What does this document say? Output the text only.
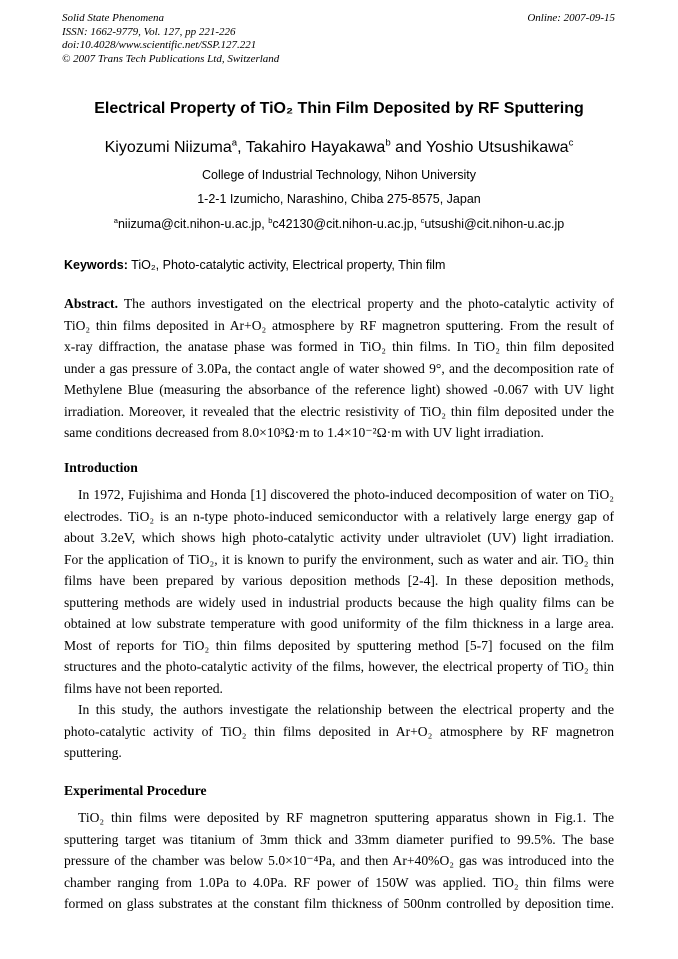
Solid State Phenomena
ISSN: 1662-9779, Vol. 127, pp 221-226
doi:10.4028/www.scientific.net/SSP.127.221
© 2007 Trans Tech Publications Ltd, Switzerland
Online: 2007-09-15
Electrical Property of TiO₂ Thin Film Deposited by RF Sputtering
Kiyozumi Niizuma$^a$, Takahiro Hayakawa$^b$ and Yoshio Utsushikawa$^c$
College of Industrial Technology, Nihon University
1-2-1 Izumicho, Narashino, Chiba 275-8575, Japan
$^a$niizuma@cit.nihon-u.ac.jp, $^b$c42130@cit.nihon-u.ac.jp, $^c$utsushi@cit.nihon-u.ac.jp
Keywords: TiO₂, Photo-catalytic activity, Electrical property, Thin film
Abstract. The authors investigated on the electrical property and the photo-catalytic activity of
TiO₂ thin films deposited in Ar+O₂ atmosphere by RF magnetron sputtering. From the result of
x-ray diffraction, the anatase phase was formed in TiO₂ thin films. In TiO₂ thin film deposited
under a gas pressure of 3.0Pa, the contact angle of water showed 9°, and the decomposition rate of
Methylene Blue (measuring the absorbance of the reference light) showed -0.067 with UV light
irradiation. Moreover, it revealed that the electric resistivity of TiO₂ thin film deposited under the
same conditions decreased from 8.0×10³Ω·m to 1.4×10⁻²Ω·m with UV light irradiation.
Introduction
In 1972, Fujishima and Honda [1] discovered the photo-induced decomposition of water on TiO₂
electrodes. TiO₂ is an n-type photo-induced semiconductor with a relatively large energy gap of
about 3.2eV, which shows high photo-catalytic activity under ultraviolet (UV) light irradiation.
For the application of TiO₂, it is known to purify the environment, such as water and air. TiO₂ thin
films have been prepared by various deposition methods [2-4]. In these deposition methods,
sputtering methods are widely used in industrial products because the high quality films can be
obtained at low substrate temperature with good uniformity of the film thickness in a large area.
Most of reports for TiO₂ thin films deposited by sputtering method [5-7] focused on the film
structures and the photo-catalytic activity of the films, however, the electrical property of TiO₂ thin
films have not been reported.
In this study, the authors investigate the relationship between the electrical property and the
photo-catalytic activity of TiO₂ thin films deposited in Ar+O₂ atmosphere by RF magnetron
sputtering.
Experimental Procedure
TiO₂ thin films were deposited by RF magnetron sputtering apparatus shown in Fig.1. The
sputtering target was titanium of 3mm thick and 33mm diameter purified to 99.5%. The base
pressure of the chamber was below 5.0×10⁻⁴Pa, and then Ar+40%O₂ gas was introduced into the
chamber ranging from 1.0Pa to 4.0Pa. RF power of 150W was applied. TiO₂ thin films were
formed on glass substrates at the constant film thickness of 500nm controlled by deposition time.
